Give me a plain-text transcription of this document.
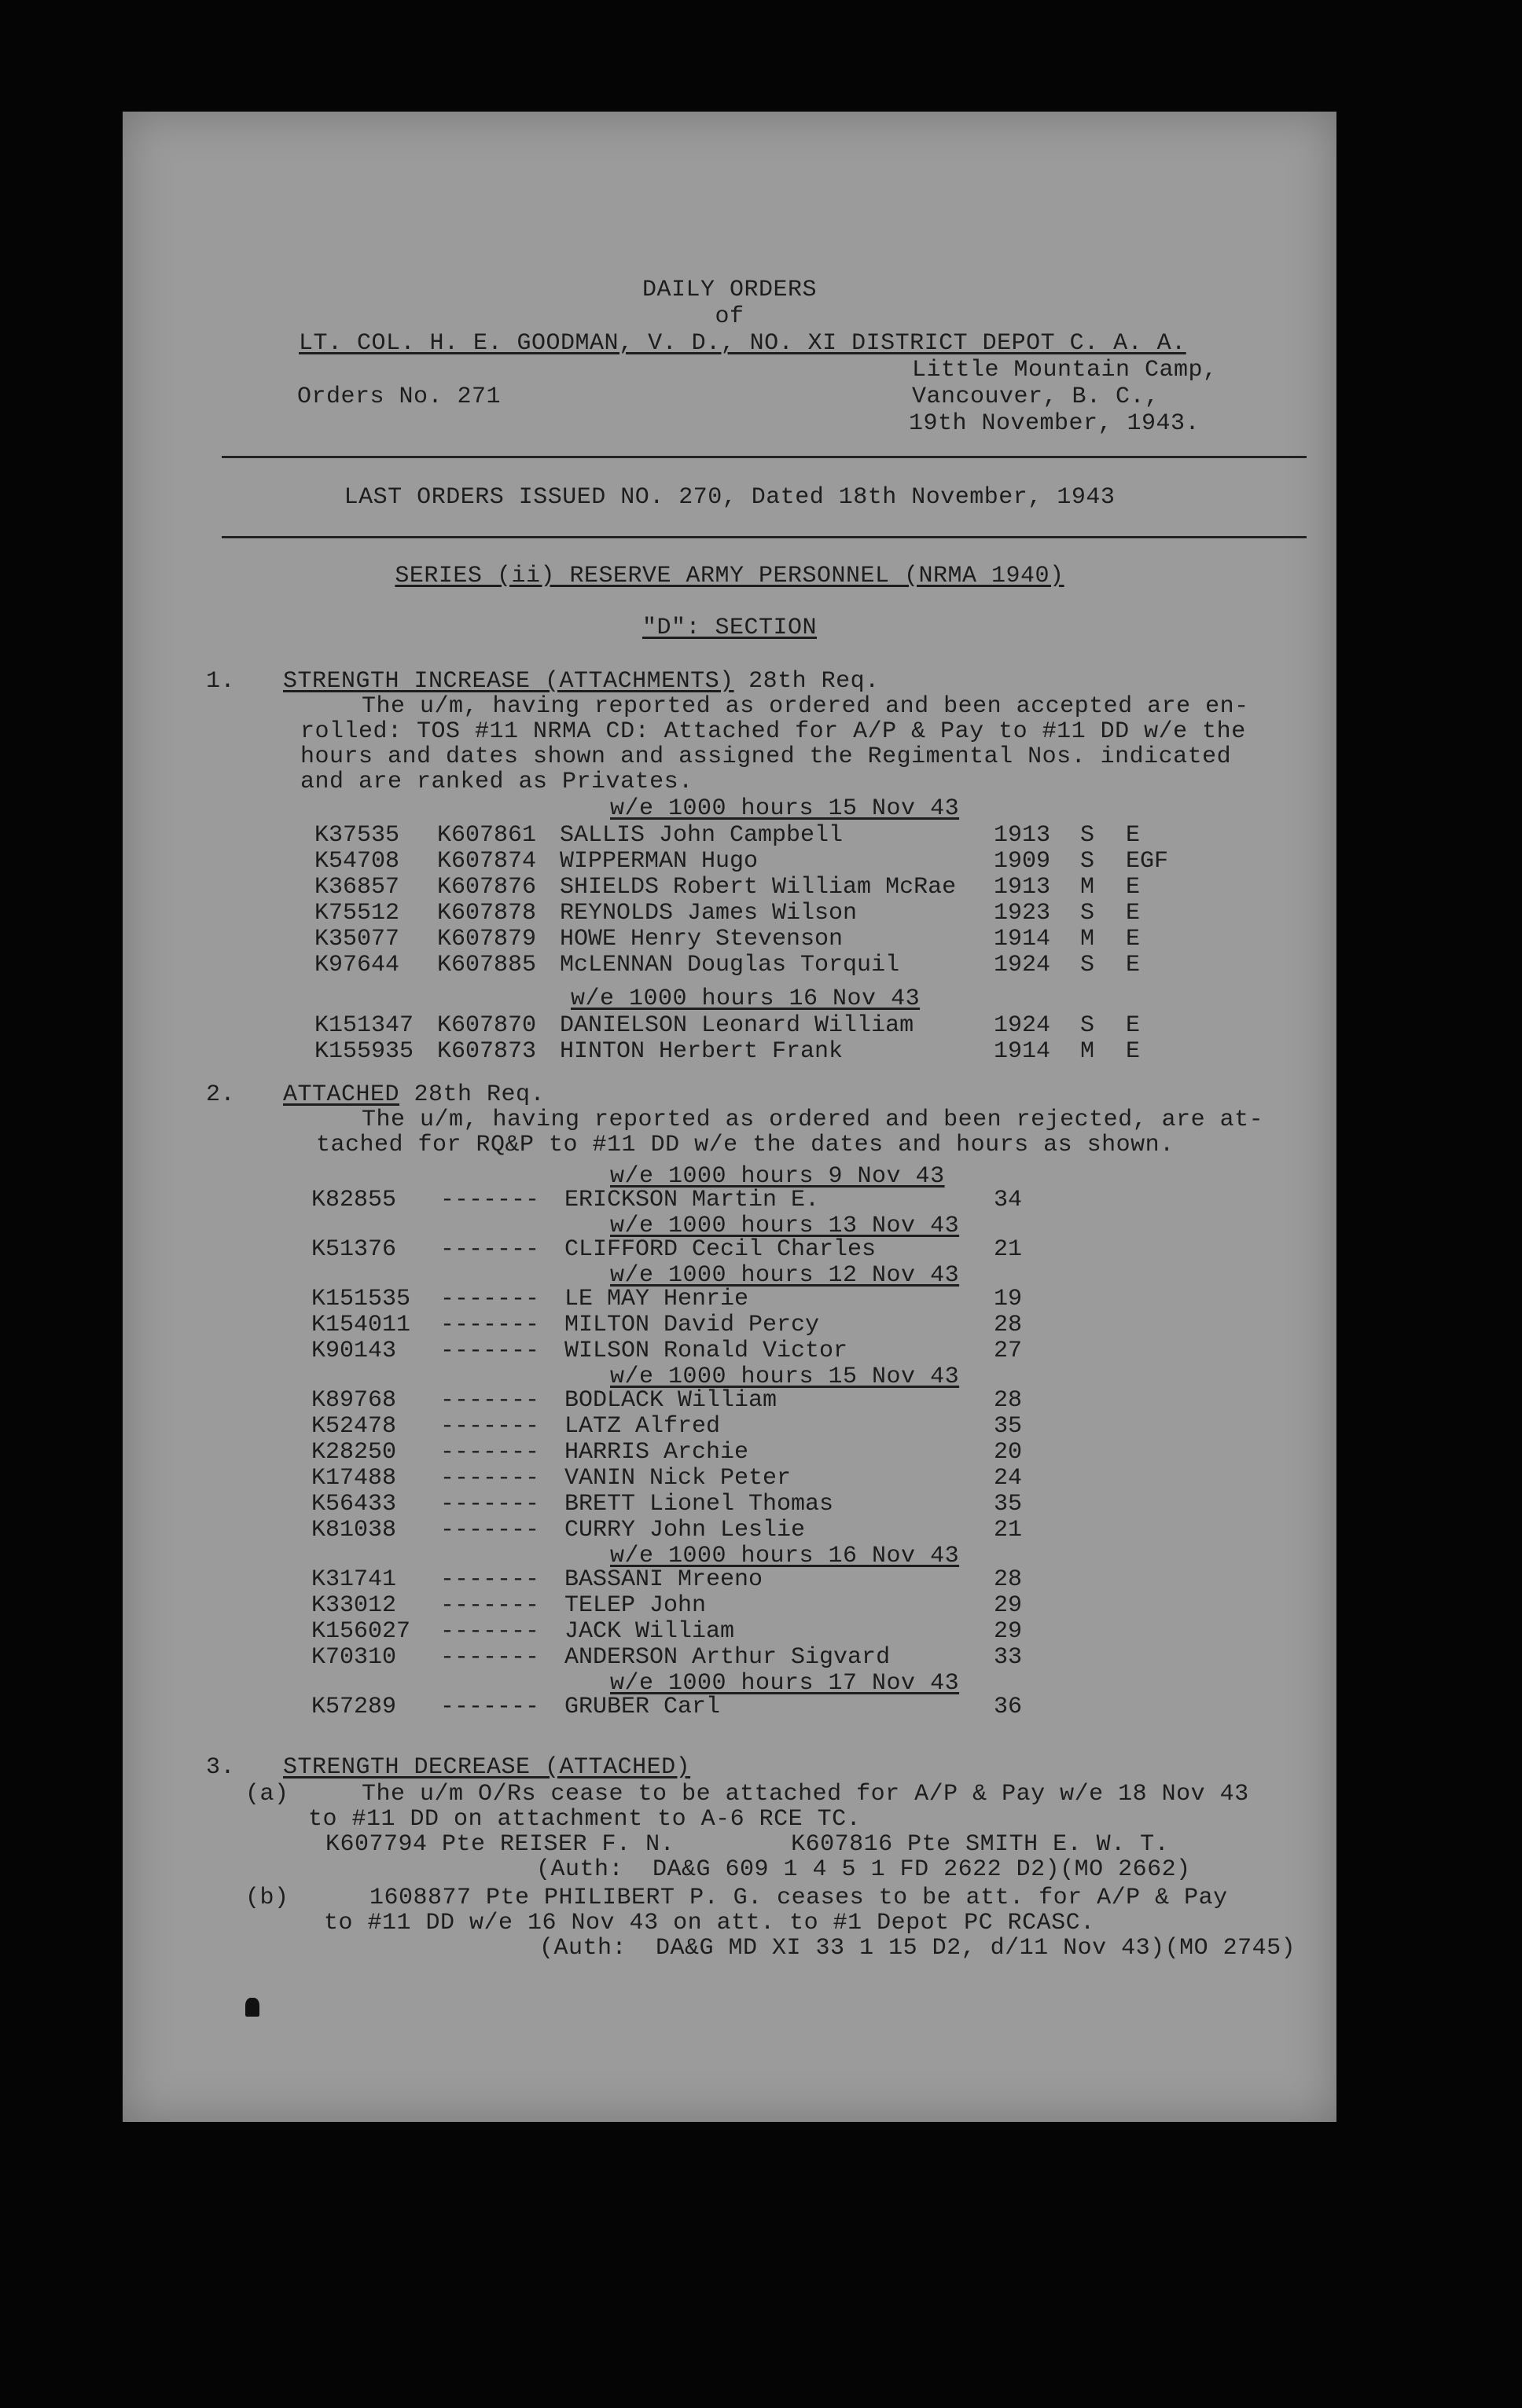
DAILY ORDERS
of
LT. COL. H. E. GOODMAN, V. D., NO. XI DISTRICT DEPOT C. A. A.
Little Mountain Camp,
Orders No. 271	Vancouver, B. C.,
19th November, 1943.
LAST ORDERS ISSUED NO. 270, Dated 18th November, 1943
SERIES (ii) RESERVE ARMY PERSONNEL (NRMA 1940)
"D": SECTION
1. STRENGTH INCREASE (ATTACHMENTS) 28th Req.
The u/m, having reported as ordered and been accepted are en-
rolled: TOS #11 NRMA CD: Attached for A/P & Pay to #11 DD w/e the
hours and dates shown and assigned the Regimental Nos. indicated
and are ranked as Privates.
w/e 1000 hours 15 Nov 43
K37535 K607861 SALLIS John Campbell	1913 S E
K54708 K607874 WIPPERMAN Hugo	1909 S EGF
K36857 K607876 SHIELDS Robert William McRae 1913 M E
K75512 K607878 REYNOLDS James Wilson	1923 S E
K35077 K607879 HOWE Henry Stevenson	1914 M E
K97644 K607885 McLENNAN Douglas Torquil	1924 S E
w/e 1000 hours 16 Nov 43
K151347 K607870 DANIELSON Leonard William	1924 S E
K155935 K607873 HINTON Herbert Frank	1914 M E
2. ATTACHED 28th Req.
The u/m, having reported as ordered and been rejected, are at-
tached for RQ&P to #11 DD w/e the dates and hours as shown.
w/e 1000 hours 9 Nov 43
K82855 ------- ERICKSON Martin E.	34
w/e 1000 hours 13 Nov 43
K51376 ------- CLIFFORD Cecil Charles	21
w/e 1000 hours 12 Nov 43
K151535 ------- LE MAY Henrie	19
K154011 ------- MILTON David Percy	28
K90143 ------- WILSON Ronald Victor	27
w/e 1000 hours 15 Nov 43
K89768 ------- BODLACK William	28
K52478 ------- LATZ Alfred	35
K28250 ------- HARRIS Archie	20
K17488 ------- VANIN Nick Peter	24
K56433 ------- BRETT Lionel Thomas	35
K81038 ------- CURRY John Leslie	21
w/e 1000 hours 16 Nov 43
K31741 ------- BASSANI Mreeno	28
K33012 ------- TELEP John	29
K156027 ------- JACK William	29
K70310 ------- ANDERSON Arthur Sigvard	33
w/e 1000 hours 17 Nov 43
K57289 ------- GRUBER Carl	36
3. STRENGTH DECREASE (ATTACHED)
(a)	The u/m O/Rs cease to be attached for A/P & Pay w/e 18 Nov 43
to #11 DD on attachment to A-6 RCE TC.
K607794 Pte REISER F. N.        K607816 Pte SMITH E. W. T.
(Auth:  DA&G 609 1 4 5 1 FD 2622 D2)(MO 2662)
(b)	1608877 Pte PHILIBERT P. G. ceases to be att. for A/P & Pay
to #11 DD w/e 16 Nov 43 on att. to #1 Depot PC RCASC.
(Auth:  DA&G MD XI 33 1 15 D2, d/11 Nov 43)(MO 2745)
